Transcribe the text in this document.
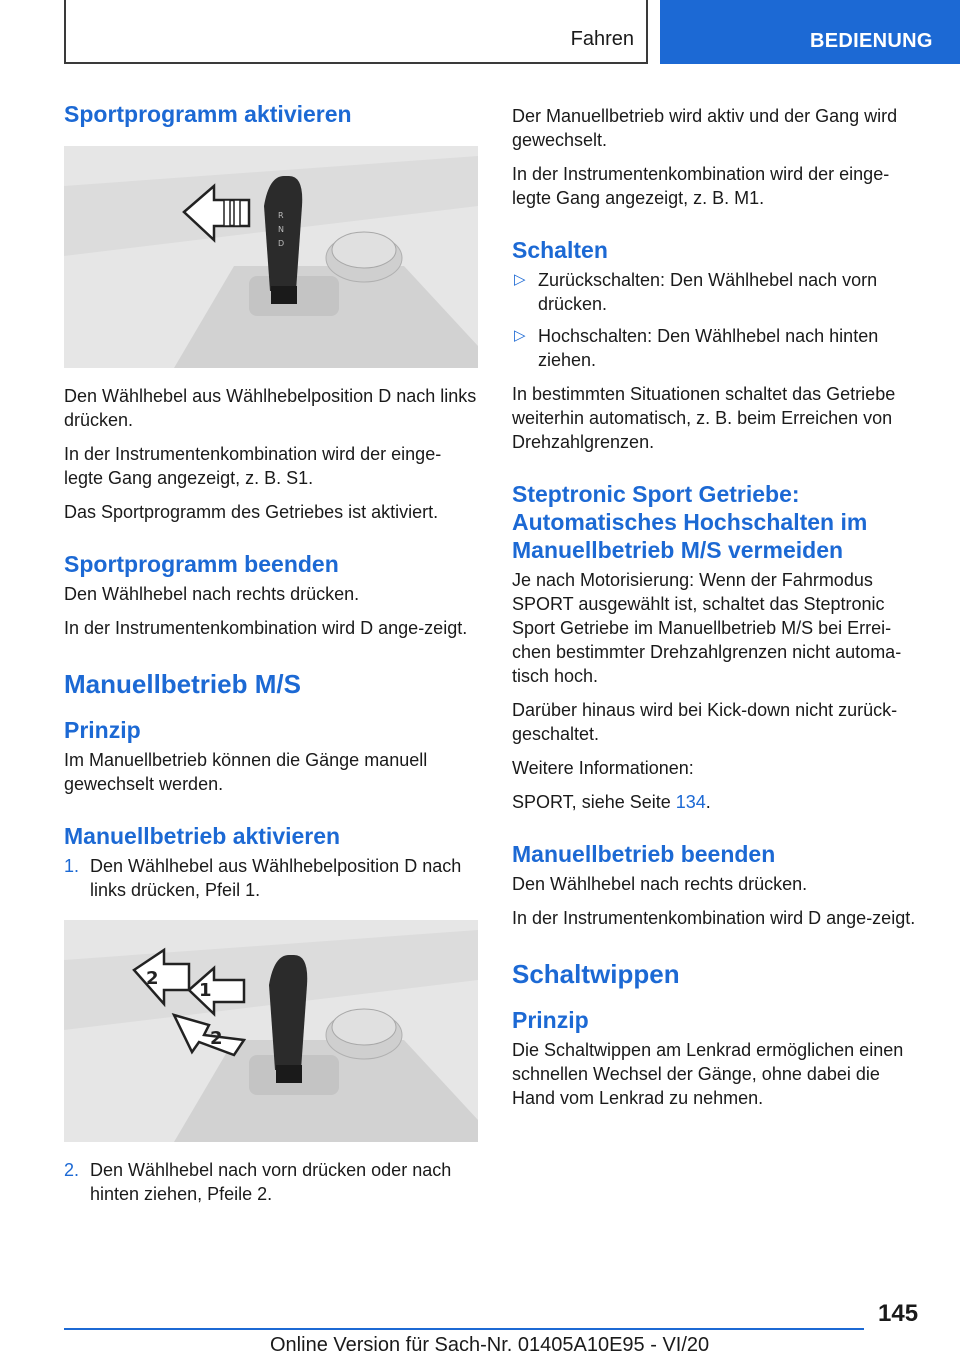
Fahren	BEDIENUNG
Sportprogramm aktivieren
R
N
D

Den Wählhebel aus Wählhebelposition D nach links drücken.

In der Instrumentenkombination wird der einge‐legte Gang angezeigt, z. B. S1.

Das Sportprogramm des Getriebes ist aktiviert.

Sportprogramm beenden

Den Wählhebel nach rechts drücken.

In der Instrumentenkombination wird D ange‐zeigt.

Manuellbetrieb M/S
Prinzip

Im Manuellbetrieb können die Gänge manuell gewechselt werden.

Manuellbetrieb aktivieren
1. Den Wählhebel aus Wählhebelposition D nach links drücken, Pfeil 1.
1
2
2
2. Den Wählhebel nach vorn drücken oder nach hinten ziehen, Pfeile 2.

Der Manuellbetrieb wird aktiv und der Gang wird gewechselt.

In der Instrumentenkombination wird der einge‐legte Gang angezeigt, z. B. M1.

Schalten
▷ Zurückschalten: Den Wählhebel nach vorn drücken.
▷ Hochschalten: Den Wählhebel nach hinten ziehen.

In bestimmten Situationen schaltet das Getriebe weiterhin automatisch, z. B. beim Erreichen von Drehzahlgrenzen.

Steptronic Sport Getriebe: Automatisches Hochschalten im Manuellbetrieb M/S vermeiden

Je nach Motorisierung: Wenn der Fahrmodus SPORT ausgewählt ist, schaltet das Steptronic Sport Getriebe im Manuellbetrieb M/S bei Errei‐chen bestimmter Drehzahlgrenzen nicht automa‐tisch hoch.

Darüber hinaus wird bei Kick-down nicht zurück‐geschaltet.

Weitere Informationen:

SPORT, siehe Seite 134.

Manuellbetrieb beenden

Den Wählhebel nach rechts drücken.

In der Instrumentenkombination wird D ange‐zeigt.

Schaltwippen
Prinzip

Die Schaltwippen am Lenkrad ermöglichen einen schnellen Wechsel der Gänge, ohne dabei die Hand vom Lenkrad zu nehmen.

145
Online Version für Sach-Nr. 01405A10E95 - VI/20
